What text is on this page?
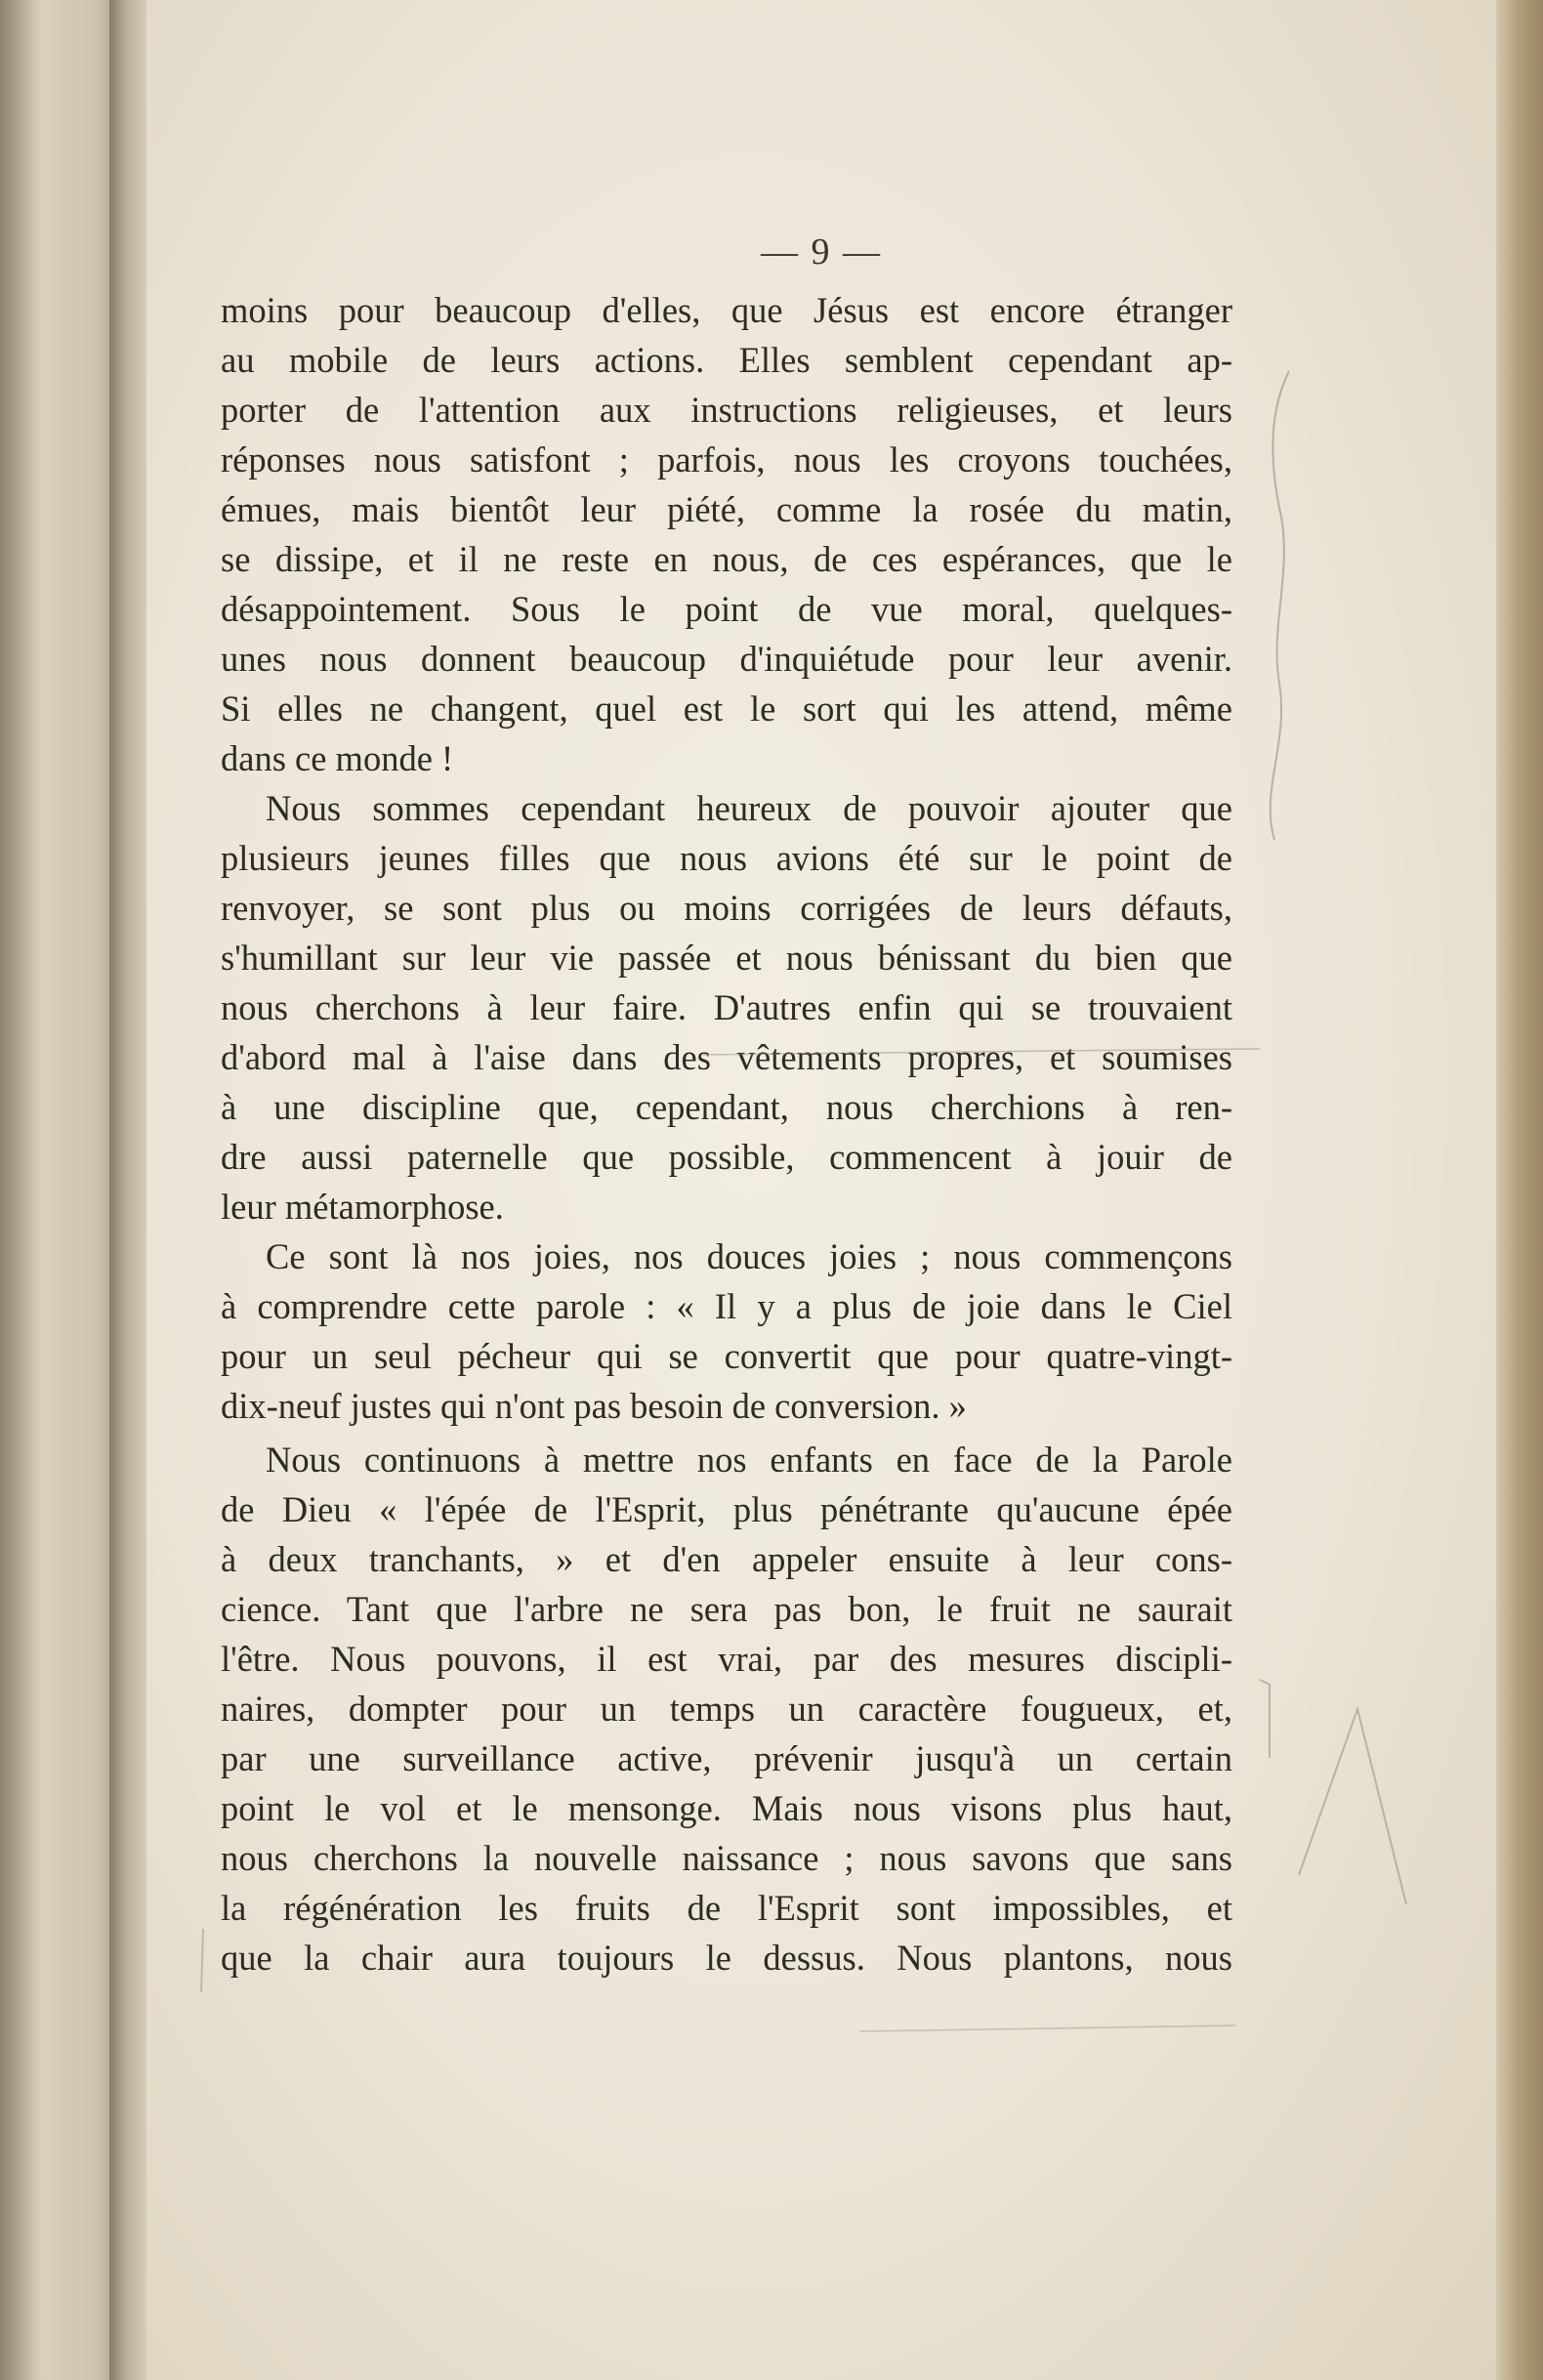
— 9 —
moins pour beaucoup d'elles, que Jésus est encore étranger
au mobile de leurs actions. Elles semblent cependant ap-
porter de l'attention aux instructions religieuses, et leurs
réponses nous satisfont ; parfois, nous les croyons touchées,
émues, mais bientôt leur piété, comme la rosée du matin,
se dissipe, et il ne reste en nous, de ces espérances, que le
désappointement. Sous le point de vue moral, quelques-
unes nous donnent beaucoup d'inquiétude pour leur avenir.
Si elles ne changent, quel est le sort qui les attend, même
dans ce monde !
Nous sommes cependant heureux de pouvoir ajouter que
plusieurs jeunes filles que nous avions été sur le point de
renvoyer, se sont plus ou moins corrigées de leurs défauts,
s'humillant sur leur vie passée et nous bénissant du bien que
nous cherchons à leur faire. D'autres enfin qui se trouvaient
d'abord mal à l'aise dans des vêtements propres, et soumises
à une discipline que, cependant, nous cherchions à ren-
dre aussi paternelle que possible, commencent à jouir de
leur métamorphose.
Ce sont là nos joies, nos douces joies ; nous commençons
à comprendre cette parole : « Il y a plus de joie dans le Ciel
pour un seul pécheur qui se convertit que pour quatre-vingt-
dix-neuf justes qui n'ont pas besoin de conversion. »
Nous continuons à mettre nos enfants en face de la Parole
de Dieu « l'épée de l'Esprit, plus pénétrante qu'aucune épée
à deux tranchants, » et d'en appeler ensuite à leur cons-
cience. Tant que l'arbre ne sera pas bon, le fruit ne saurait
l'être. Nous pouvons, il est vrai, par des mesures discipli-
naires, dompter pour un temps un caractère fougueux, et,
par une surveillance active, prévenir jusqu'à un certain
point le vol et le mensonge. Mais nous visons plus haut,
nous cherchons la nouvelle naissance ; nous savons que sans
la régénération les fruits de l'Esprit sont impossibles, et
que la chair aura toujours le dessus. Nous plantons, nous
